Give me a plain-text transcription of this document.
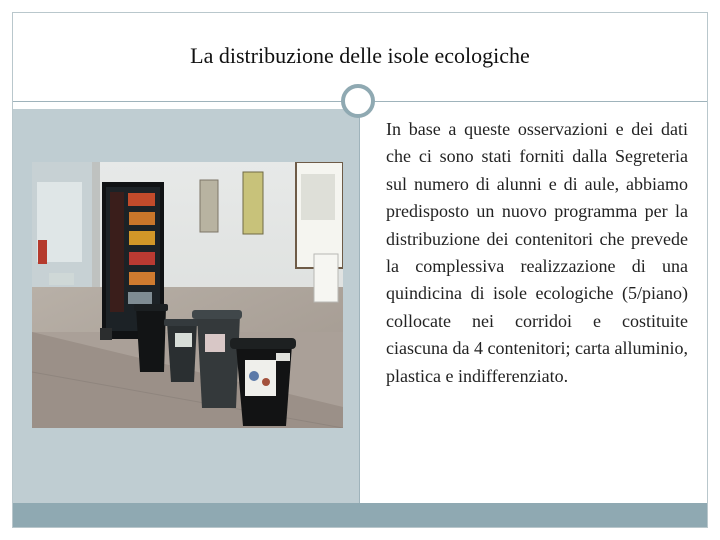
La distribuzione delle isole ecologiche
In base a queste osservazioni e dei dati che ci sono stati forniti dalla Segreteria sul numero di alunni e di aule, abbiamo predisposto un nuovo programma per la distribuzione dei contenitori che prevede la complessiva realizzazione di una quindicina di isole ecologiche (5/piano) collocate nei corridoi e costituite ciascuna da 4 contenitori; carta alluminio, plastica e indifferenziato.
